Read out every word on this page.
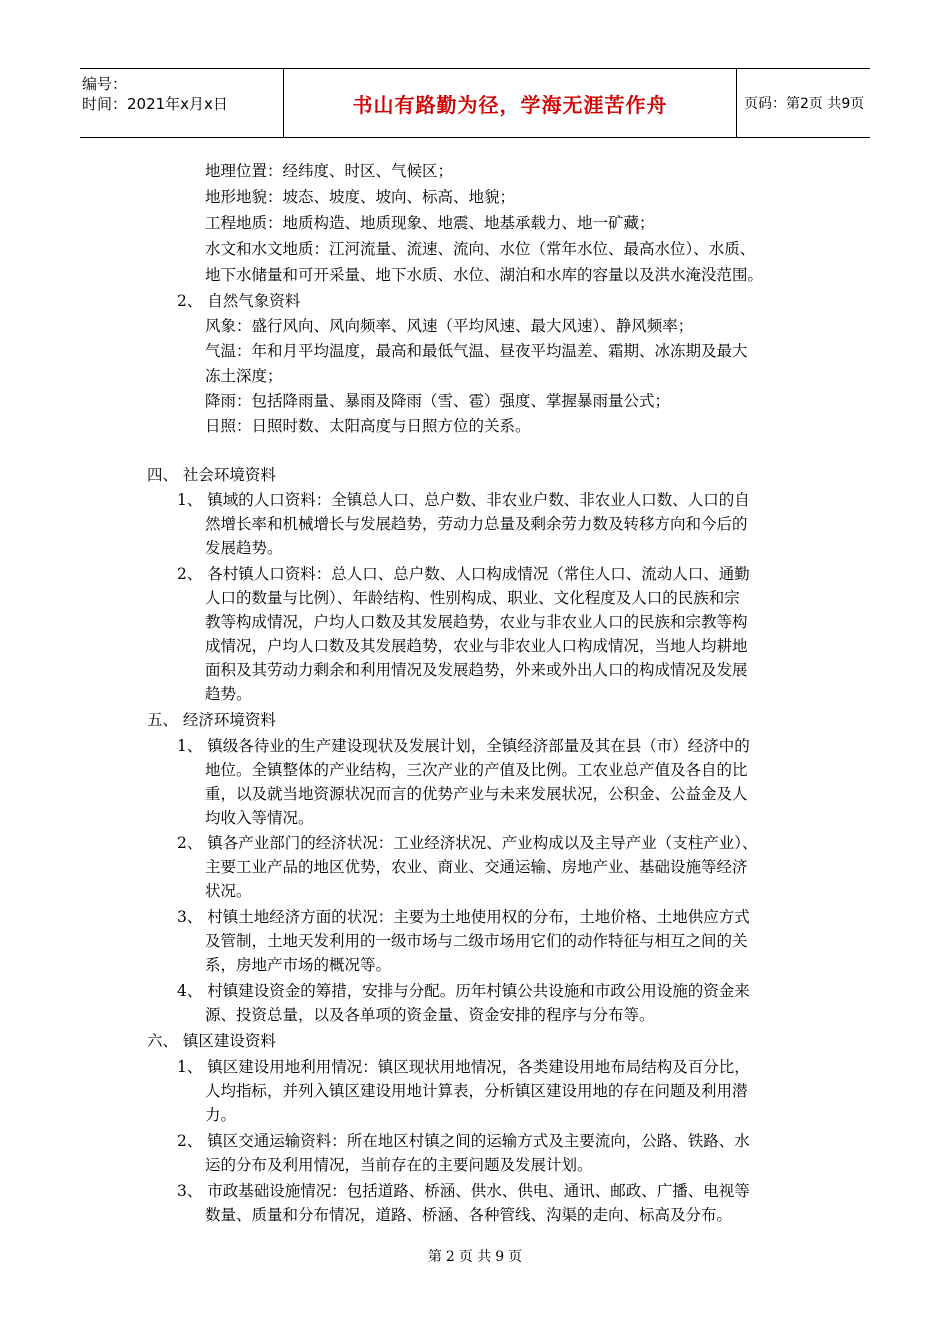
编号：
时间：2021年x月x日	书山有路勤为径，学海无涯苦作舟	页码：第2页 共9页
地理位置：经纬度、时区、气候区；
地形地貌：坡态、坡度、坡向、标高、地貌；
工程地质：地质构造、地质现象、地震、地基承载力、地一矿藏；
水文和水文地质：江河流量、流速、流向、水位（常年水位、最高水位）、水质、
地下水储量和可开采量、地下水质、水位、湖泊和水库的容量以及洪水淹没范围。
2、 自然气象资料
风象：盛行风向、风向频率、风速（平均风速、最大风速）、静风频率；
气温：年和月平均温度，最高和最低气温、昼夜平均温差、霜期、冰冻期及最大
冻土深度；
降雨：包括降雨量、暴雨及降雨（雪、雹）强度、掌握暴雨量公式；
日照：日照时数、太阳高度与日照方位的关系。
四、 社会环境资料
1、 镇域的人口资料：全镇总人口、总户数、非农业户数、非农业人口数、人口的自
然增长率和机械增长与发展趋势，劳动力总量及剩余劳力数及转移方向和今后的
发展趋势。
2、 各村镇人口资料：总人口、总户数、人口构成情况（常住人口、流动人口、通勤
人口的数量与比例）、年龄结构、性别构成、职业、文化程度及人口的民族和宗
教等构成情况，户均人口数及其发展趋势，农业与非农业人口的民族和宗教等构
成情况，户均人口数及其发展趋势，农业与非农业人口构成情况，当地人均耕地
面积及其劳动力剩余和利用情况及发展趋势，外来或外出人口的构成情况及发展
趋势。
五、 经济环境资料
1、 镇级各待业的生产建设现状及发展计划，全镇经济部量及其在县（市）经济中的
地位。全镇整体的产业结构，三次产业的产值及比例。工农业总产值及各自的比
重，以及就当地资源状况而言的优势产业与未来发展状况，公积金、公益金及人
均收入等情况。
2、 镇各产业部门的经济状况：工业经济状况、产业构成以及主导产业（支柱产业）、
主要工业产品的地区优势，农业、商业、交通运输、房地产业、基础设施等经济
状况。
3、 村镇土地经济方面的状况：主要为土地使用权的分布，土地价格、土地供应方式
及管制，土地天发利用的一级市场与二级市场用它们的动作特征与相互之间的关
系，房地产市场的概况等。
4、 村镇建设资金的筹措，安排与分配。历年村镇公共设施和市政公用设施的资金来
源、投资总量，以及各单项的资金量、资金安排的程序与分布等。
六、 镇区建设资料
1、 镇区建设用地利用情况：镇区现状用地情况，各类建设用地布局结构及百分比，
人均指标，并列入镇区建设用地计算表，分析镇区建设用地的存在问题及利用潜
力。
2、 镇区交通运输资料：所在地区村镇之间的运输方式及主要流向，公路、铁路、水
运的分布及利用情况，当前存在的主要问题及发展计划。
3、 市政基础设施情况：包括道路、桥涵、供水、供电、通讯、邮政、广播、电视等
数量、质量和分布情况，道路、桥涵、各种管线、沟渠的走向、标高及分布。
第 2 页 共 9 页
